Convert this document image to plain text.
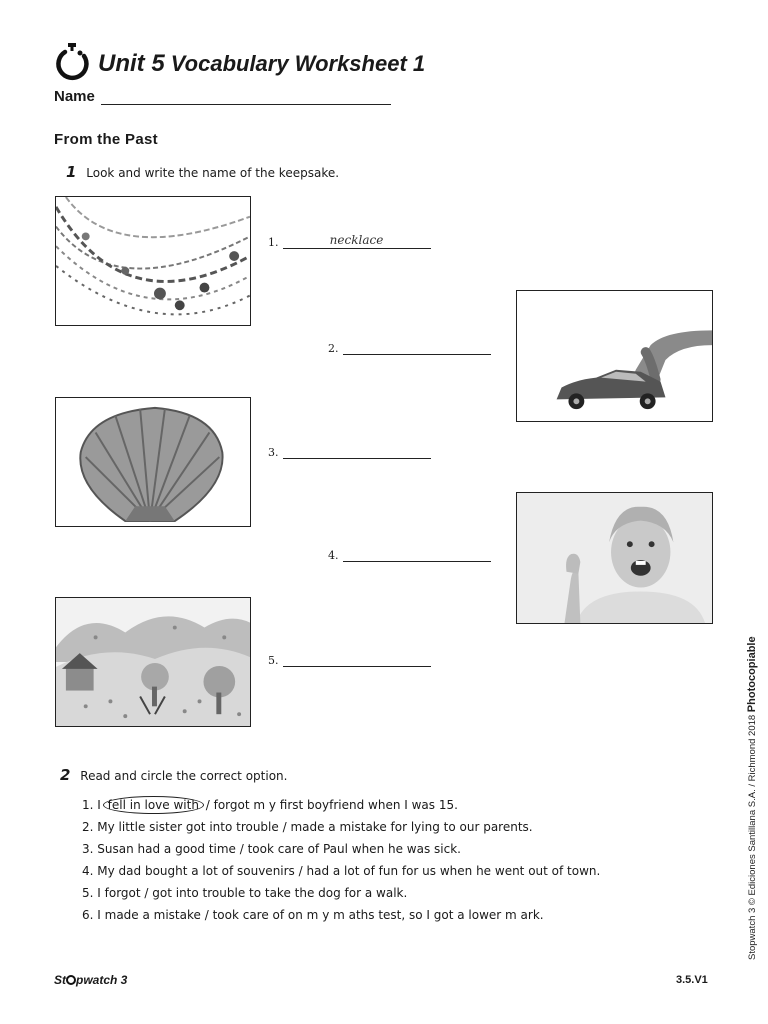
Unit 5 Vocabulary Worksheet 1
Name
From the Past
1 Look and write the name of the keepsake.
1.	necklace
2.
3.
4.
5.
2 Read and circle the correct option.
1. I fell in love with / forgot m y first boyfriend when I was 15.
2. My little sister got into trouble / made a mistake for lying to our parents.
3. Susan had a good time / took care of Paul when he was sick.
4. My dad bought a lot of souvenirs / had a lot of fun for us when he went out of town.
5. I forgot / got into trouble to take the dog for a walk.
6. I made a mistake / took care of on m y m aths test, so I got a lower m ark.	Stopwatch 3 © Ediciones Santillana S.A. / Richmond 2018 Photocopiable
St pwatch 3	3.5.V1
